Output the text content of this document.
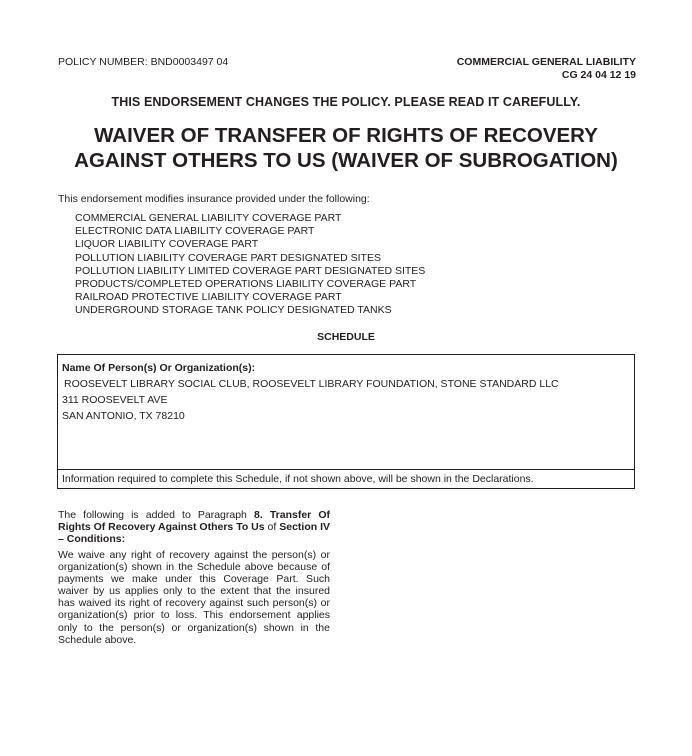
POLICY NUMBER: BND0003497 04	COMMERCIAL GENERAL LIABILITY
CG 24 04 12 19
THIS ENDORSEMENT CHANGES THE POLICY. PLEASE READ IT CAREFULLY.
WAIVER OF TRANSFER OF RIGHTS OF RECOVERY
AGAINST OTHERS TO US (WAIVER OF SUBROGATION)
This endorsement modifies insurance provided under the following:
COMMERCIAL GENERAL LIABILITY COVERAGE PART
ELECTRONIC DATA LIABILITY COVERAGE PART
LIQUOR LIABILITY COVERAGE PART
POLLUTION LIABILITY COVERAGE PART DESIGNATED SITES
POLLUTION LIABILITY LIMITED COVERAGE PART DESIGNATED SITES
PRODUCTS/COMPLETED OPERATIONS LIABILITY COVERAGE PART
RAILROAD PROTECTIVE LIABILITY COVERAGE PART
UNDERGROUND STORAGE TANK POLICY DESIGNATED TANKS
SCHEDULE
Name Of Person(s) Or Organization(s):
ROOSEVELT LIBRARY SOCIAL CLUB, ROOSEVELT LIBRARY FOUNDATION, STONE STANDARD LLC
311 ROOSEVELT AVE
SAN ANTONIO, TX 78210
Information required to complete this Schedule, if not shown above, will be shown in the Declarations.
The following is added to Paragraph 8. Transfer Of Rights Of Recovery Against Others To Us of Section IV – Conditions:
We waive any right of recovery against the person(s) or organization(s) shown in the Schedule above because of payments we make under this Coverage Part. Such waiver by us applies only to the extent that the insured has waived its right of recovery against such person(s) or organization(s) prior to loss. This endorsement applies only to the person(s) or organization(s) shown in the Schedule above.
